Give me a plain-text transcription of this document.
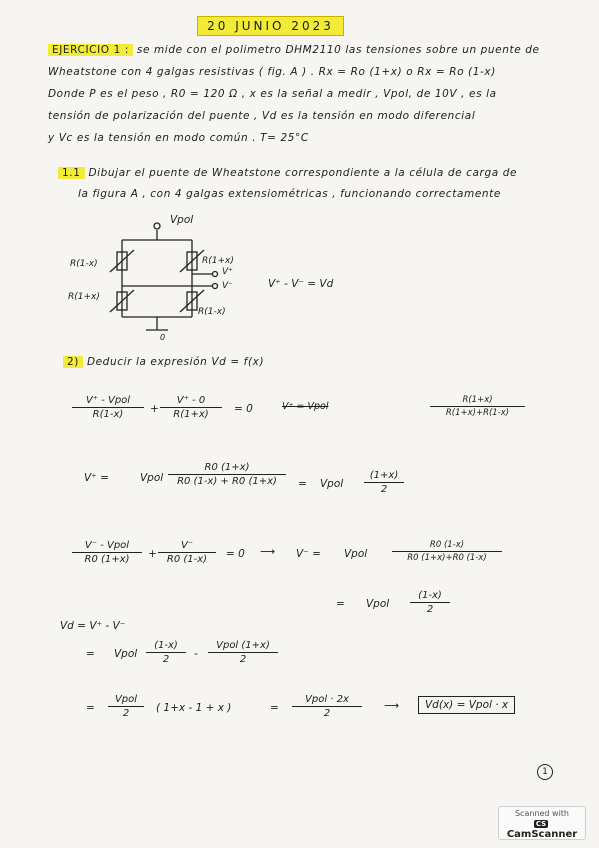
20 JUNIO 2023
EJERCICIO 1 : se mide con el polimetro DHM2110 las tensiones sobre un puente de
Wheatstone con 4 galgas resistivas ( fig. A ) . Rx = Ro (1+x) o Rx = Ro (1-x)
Donde P es el peso , R0 = 120 Ω , x es la señal a medir , Vpol, de 10V , es la
tensión de polarización del puente , Vd es la tensión en modo diferencial
y Vc es la tensión en modo común . T= 25°C
1.1 Dibujar el puente de Wheatstone correspondiente a la célula de carga de
la figura A , con 4 galgas extensiométricas , funcionando correctamente
Vpol
R(1-x)	R(1+x)
R(1+x)
R(1-x)
V⁺
V⁻	V⁺ - V⁻ = Vd
0
2) Deducir la expresión Vd = f(x)
V⁺ - Vpol
R(1-x)	+
V⁺ - 0
R(1+x)	= 0	V⁺ = Vpol
R(1+x)
R(1+x)+R(1-x)
V⁺ =	Vpol
R0 (1+x)
R0 (1-x) + R0 (1+x)	= Vpol
(1+x)
2
V⁻ - Vpol
R0 (1+x)	+
V⁻
R0 (1-x)	= 0 ⟶ V⁻ = Vpol
R0 (1-x)
R0 (1+x)+R0 (1-x)
= Vpol
(1-x)
2
Vd = V⁺ - V⁻
= Vpol
(1-x)
2	-
Vpol (1+x)
2
=
Vpol
2	( 1+x - 1 + x )	=
Vpol · 2x
2
⟶	Vd(x) = Vpol · x
1
Scanned with
CSCamScanner
